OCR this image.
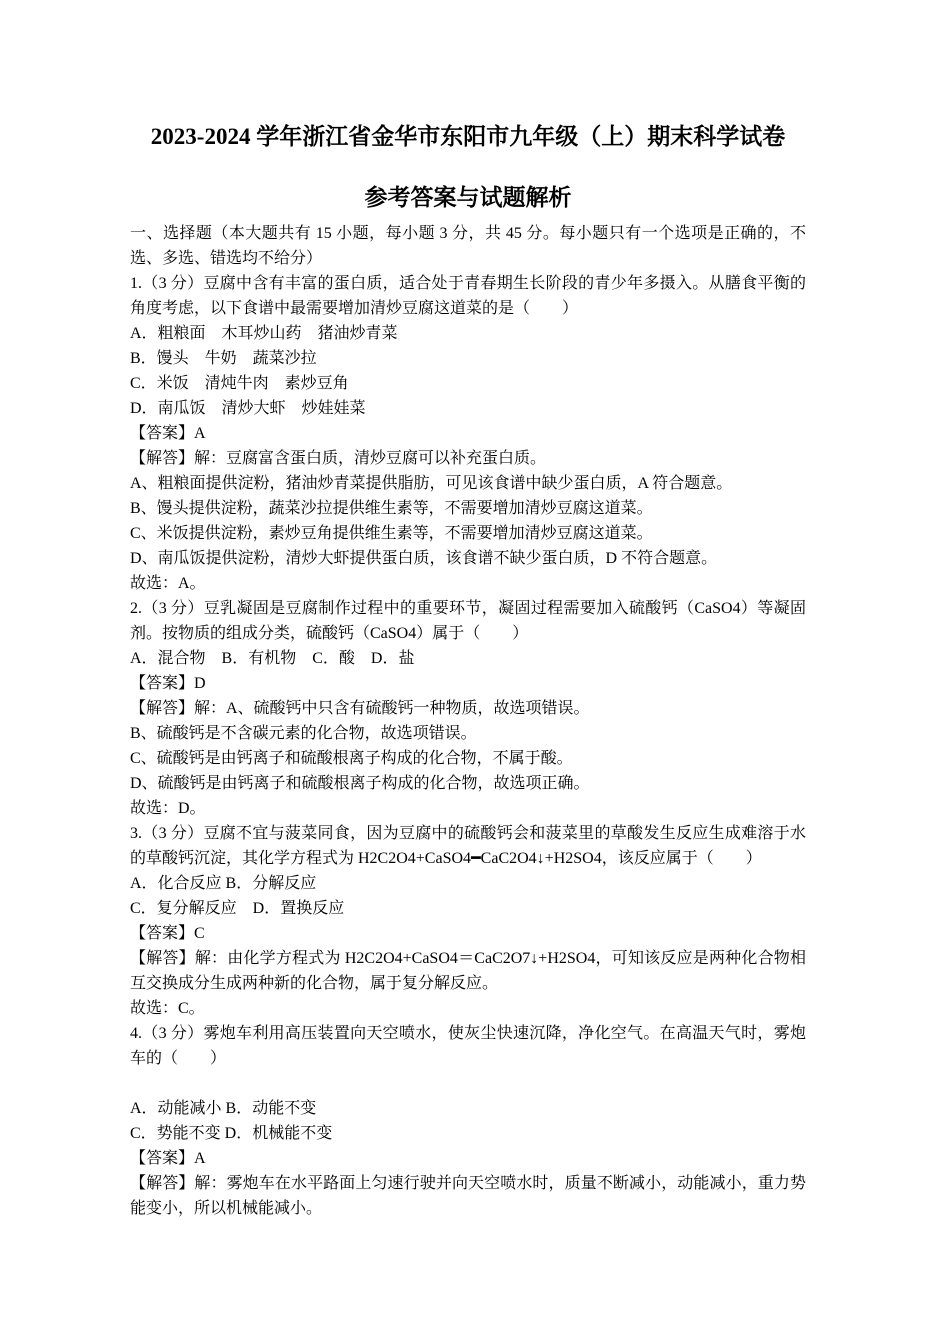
2023-2024 学年浙江省金华市东阳市九年级（上）期末科学试卷
参考答案与试题解析
一、选择题（本大题共有 15 小题，每小题 3 分，共 45 分。每小题只有一个选项是正确的，不选、多选、错选均不给分）
1.（3 分）豆腐中含有丰富的蛋白质，适合处于青春期生长阶段的青少年多摄入。从膳食平衡的角度考虑，以下食谱中最需要增加清炒豆腐这道菜的是（　　）
A．粗粮面　木耳炒山药　猪油炒青菜
B．馒头　牛奶　蔬菜沙拉
C．米饭　清炖牛肉　素炒豆角
D．南瓜饭　清炒大虾　炒娃娃菜
【答案】A
【解答】解：豆腐富含蛋白质，清炒豆腐可以补充蛋白质。
A、粗粮面提供淀粉，猪油炒青菜提供脂肪，可见该食谱中缺少蛋白质，A 符合题意。
B、馒头提供淀粉，蔬菜沙拉提供维生素等，不需要增加清炒豆腐这道菜。
C、米饭提供淀粉，素炒豆角提供维生素等，不需要增加清炒豆腐这道菜。
D、南瓜饭提供淀粉，清炒大虾提供蛋白质，该食谱不缺少蛋白质，D 不符合题意。
故选：A。
2.（3 分）豆乳凝固是豆腐制作过程中的重要环节，凝固过程需要加入硫酸钙（CaSO4）等凝固剂。按物质的组成分类，硫酸钙（CaSO4）属于（　　）
A．混合物　B．有机物　C．酸　D．盐
【答案】D
【解答】解：A、硫酸钙中只含有硫酸钙一种物质，故选项错误。
B、硫酸钙是不含碳元素的化合物，故选项错误。
C、硫酸钙是由钙离子和硫酸根离子构成的化合物，不属于酸。
D、硫酸钙是由钙离子和硫酸根离子构成的化合物，故选项正确。
故选：D。
3.（3 分）豆腐不宜与菠菜同食，因为豆腐中的硫酸钙会和菠菜里的草酸发生反应生成难溶于水的草酸钙沉淀，其化学方程式为 H2C2O4+CaSO4━CaC2O4↓+H2SO4，该反应属于（　　）
A．化合反应 B．分解反应
C．复分解反应　D．置换反应
【答案】C
【解答】解：由化学方程式为 H2C2O4+CaSO4＝CaC2O7↓+H2SO4，可知该反应是两种化合物相互交换成分生成两种新的化合物，属于复分解反应。
故选：C。
4.（3 分）雾炮车利用高压装置向天空喷水，使灰尘快速沉降，净化空气。在高温天气时，雾炮车的（　　）
A．动能减小 B．动能不变
C．势能不变 D．机械能不变
【答案】A
【解答】解：雾炮车在水平路面上匀速行驶并向天空喷水时，质量不断减小，动能减小，重力势能变小，所以机械能减小。
